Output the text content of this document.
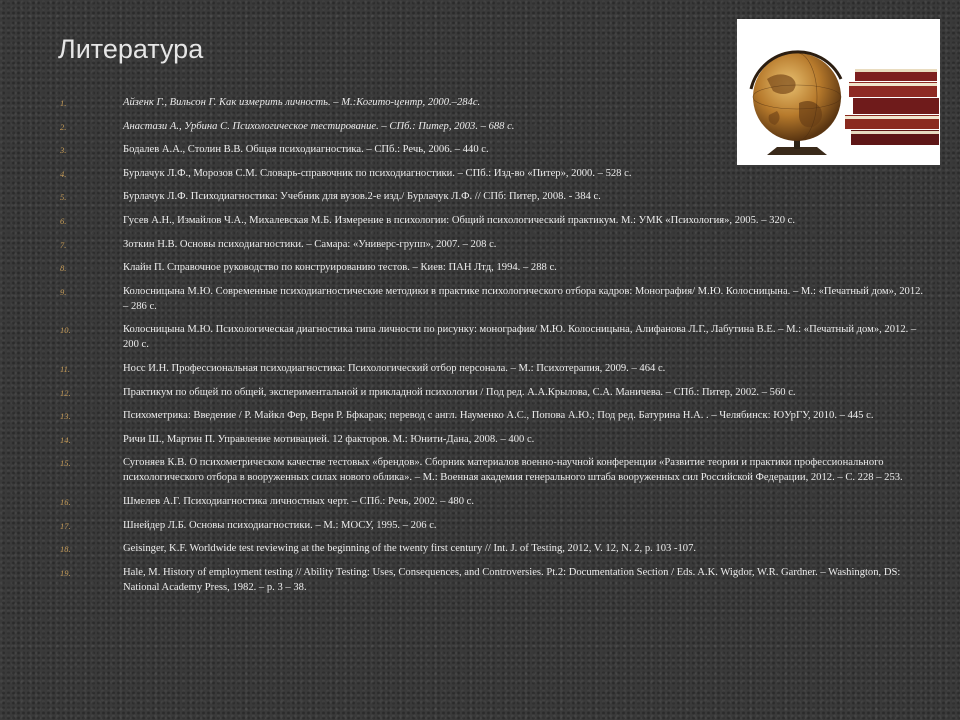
Литература
1.	Айзенк Г., Вильсон Г. Как измерить личность. – М.:Когито-центр, 2000.–284с.
2.	Анастази А., Урбина С. Психологическое тестирование. – СПб.: Питер, 2003. – 688 с.
3.	Бодалев А.А., Столин В.В. Общая психодиагностика. – СПб.: Речь, 2006. – 440 с.
4.	Бурлачук Л.Ф., Морозов С.М. Словарь-справочник по психодиагностики. – СПб.: Изд-во «Питер», 2000. – 528 с.
5.	Бурлачук Л.Ф. Психодиагностика: Учебник для вузов.2-е изд./ Бурлачук Л.Ф. // СПб: Питер, 2008. - 384 с.
6.	Гусев А.Н., Измайлов Ч.А., Михалевская М.Б. Измерение в психологии: Общий психологический практикум. М.: УМК «Психология», 2005. – 320 с.
7.	Зоткин Н.В. Основы психодиагностики. – Самара: «Универс-групп», 2007. – 208 с.
8.	Клайн П. Справочное руководство по конструированию тестов. – Киев: ПАН Лтд, 1994. – 288 с.
9.	Колосницына М.Ю. Современные психодиагностические методики в практике психологического отбора кадров: Монография/ М.Ю. Колосницына. – М.: «Печатный дом», 2012. – 286 с.
10.	Колосницына М.Ю. Психологическая диагностика типа личности по рисунку: монография/ М.Ю. Колосницына, Алифанова Л.Г., Лабутина В.Е. – М.: «Печатный дом», 2012. – 200 с.
11.	Носс И.Н. Профессиональная психодиагностика: Психологический отбор персонала. – М.: Психотерапия, 2009. – 464 с.
12.	Практикум по общей по общей, экспериментальной и прикладной психологии / Под ред. А.А.Крылова, С.А. Маничева. – СПб.: Питер, 2002. – 560 с.
13.	Психометрика: Введение / Р. Майкл Фер, Верн Р. Бфкарак; перевод с англ. Науменко А.С., Попова А.Ю.; Под ред. Батурина Н.А. . – Челябинск: ЮУрГУ, 2010. – 445 с.
14.	Ричи Ш., Мартин П. Управление мотивацией. 12 факторов. М.: Юнити-Дана, 2008. – 400 с.
15.	Сугоняев К.В. О психометрическом качестве тестовых «брендов». Сборник материалов военно-научной конференции «Развитие теории и практики профессионального психологического отбора в вооруженных силах нового облика». – М.: Военная академия генерального штаба вооруженных сил Российской Федерации, 2012. – С. 228 – 253.
16.	Шмелев А.Г. Психодиагностика личностных черт. – СПб.: Речь, 2002. – 480 с.
17.	Шнейдер Л.Б. Основы психодиагностики. – М.: МОСУ, 1995. – 206 с.
18.	Geisinger, K.F. Worldwide test reviewing at the beginning of the twenty first century // Int. J. of Testing, 2012, V. 12, N. 2, p. 103 -107.
19.	Hale, M. History of employment testing // Ability Testing: Uses, Consequences, and Controversies. Pt.2: Documentation Section / Eds. A.K. Wigdor, W.R. Gardner. – Washington, DS: National Academy Press, 1982. – p. 3 – 38.
